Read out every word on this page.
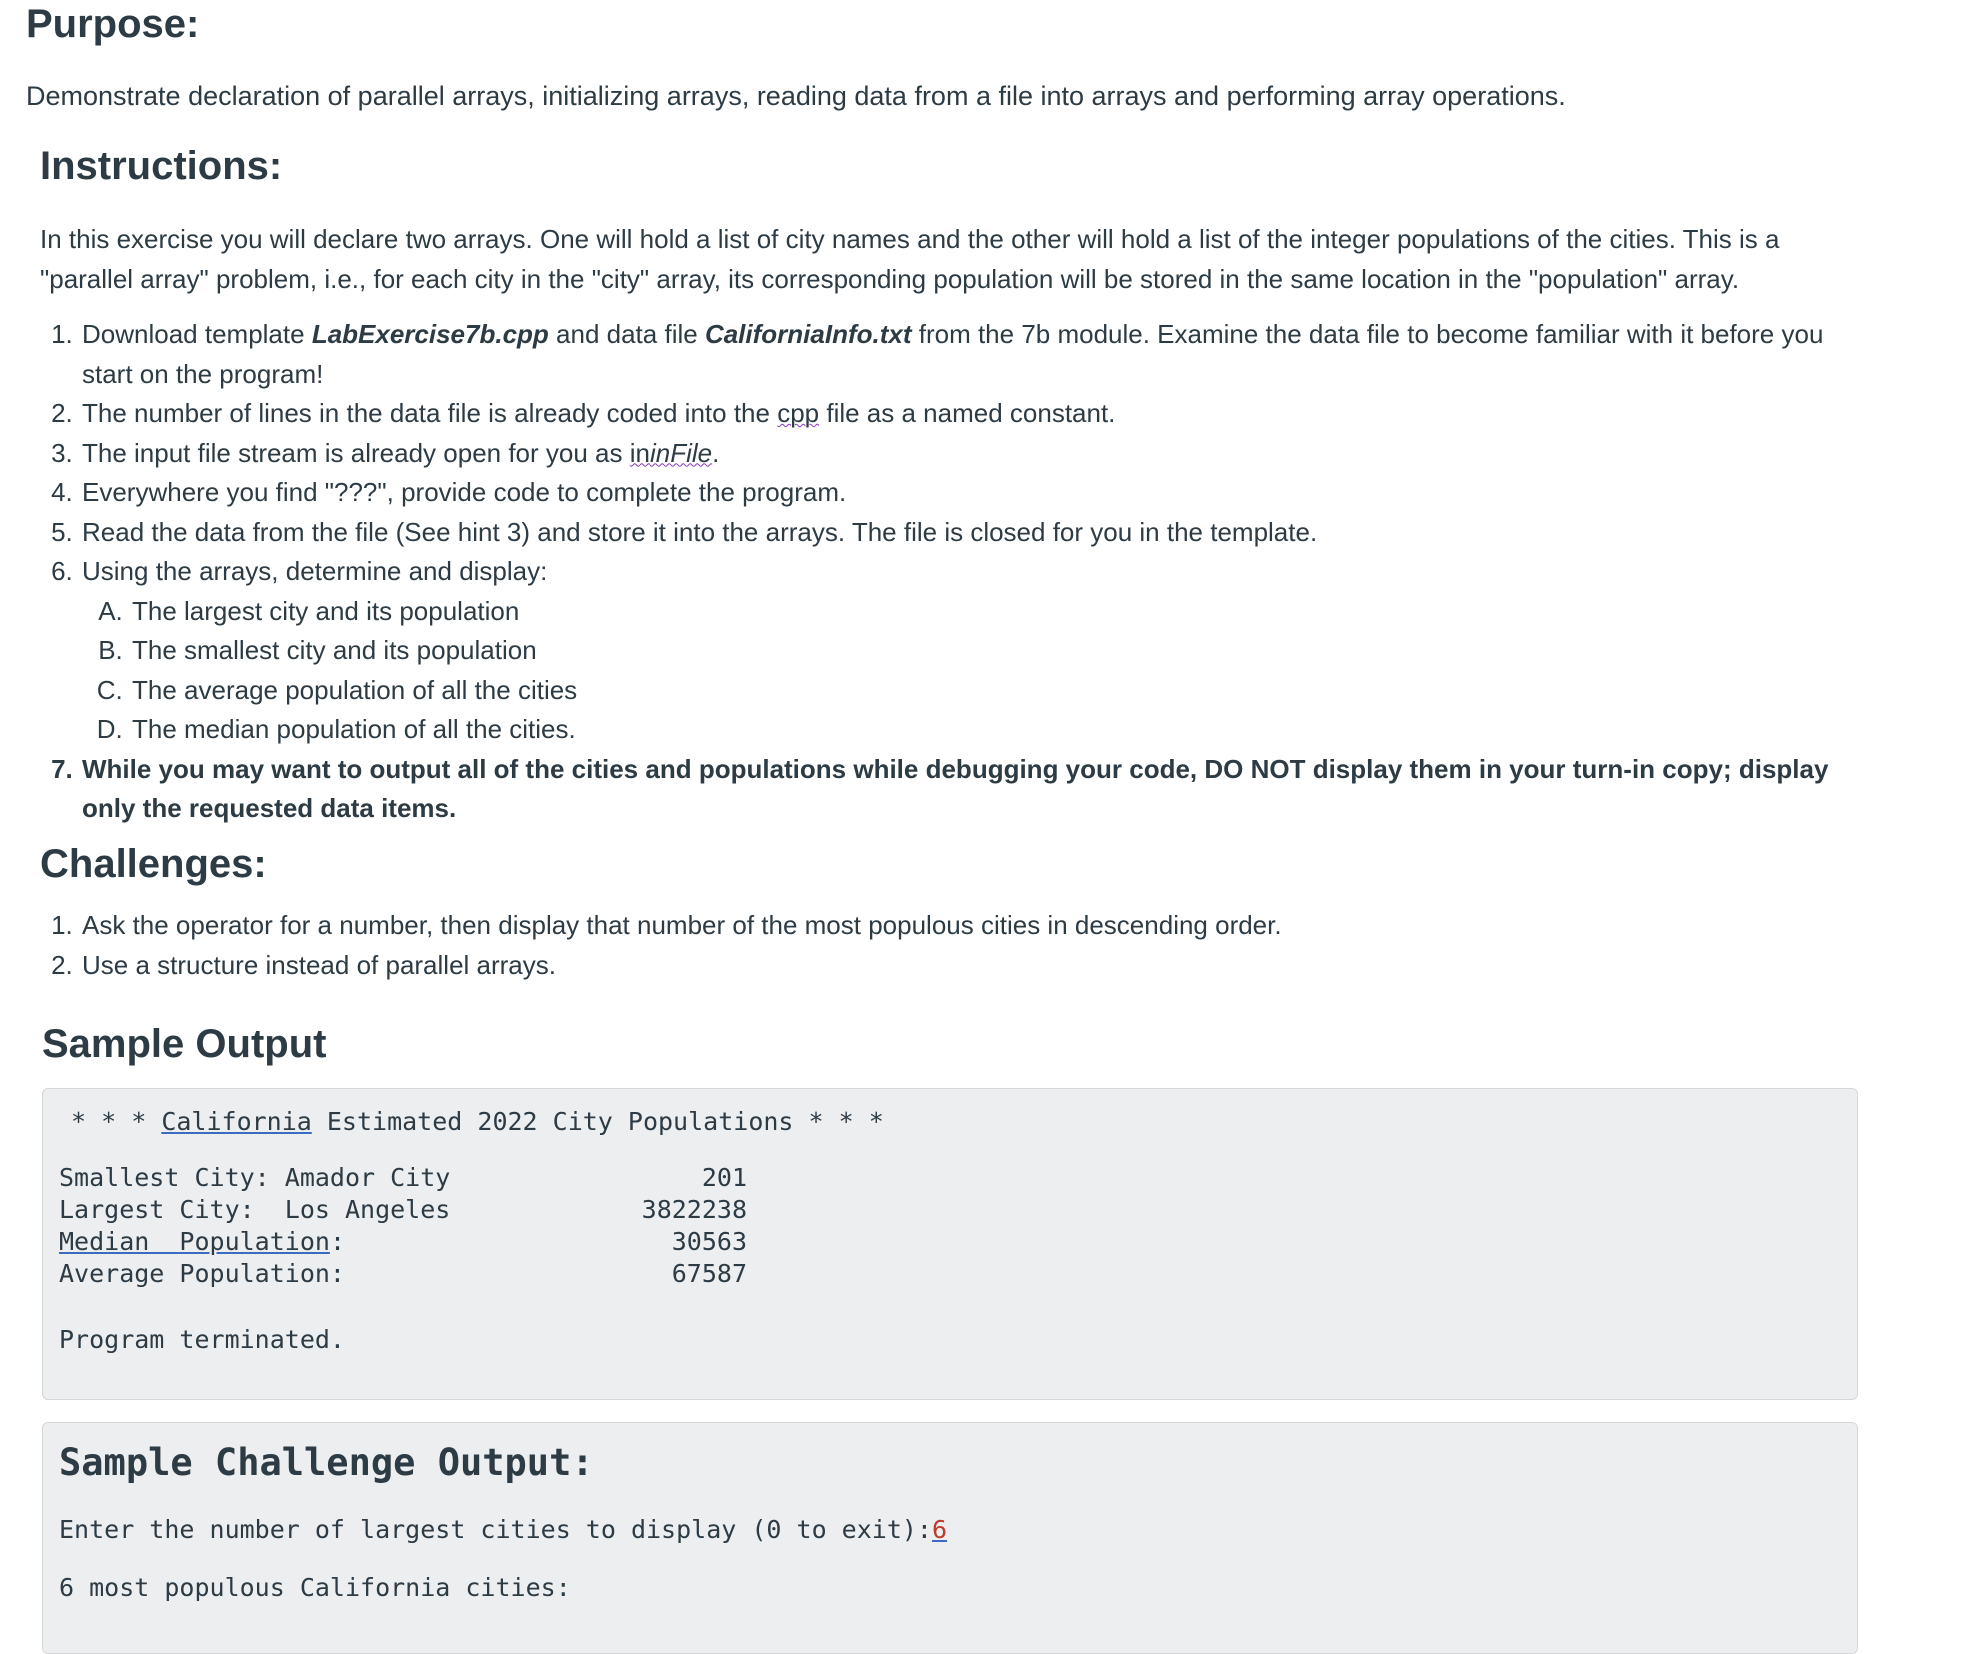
Purpose:

Demonstrate declaration of parallel arrays, initializing arrays, reading data from a file into arrays and performing array operations.

Instructions:

In this exercise you will declare two arrays. One will hold a list of city names and the other will hold a list of the integer populations of the cities. This is a "parallel array" problem, i.e., for each city in the "city" array, its corresponding population will be stored in the same location in the "population" array.

1. Download template LabExercise7b.cpp and data file CaliforniaInfo.txt from the 7b module. Examine the data file to become familiar with it before you start on the program!
2. The number of lines in the data file is already coded into the cpp file as a named constant.
3. The input file stream is already open for you as ininFile.
4. Everywhere you find "???", provide code to complete the program.
5. Read the data from the file (See hint 3) and store it into the arrays. The file is closed for you in the template.
6. Using the arrays, determine and display:
A. The largest city and its population
B. The smallest city and its population
C. The average population of all the cities
D. The median population of all the cities.
7. While you may want to output all of the cities and populations while debugging your code, DO NOT display them in your turn-in copy; display only the requested data items.
Challenges:
1. Ask the operator for a number, then display that number of the most populous cities in descending order.
2. Use a structure instead of parallel arrays.
Sample Output
* * * California Estimated 2022 City Populations * * *
Smallest City: Amador City	201
Largest City:  Los Angeles	3822238
Median  Population:	30563
Average Population:	67587
Program terminated.
Sample Challenge Output:
Enter the number of largest cities to display (0 to exit):6
6 most populous California cities:
